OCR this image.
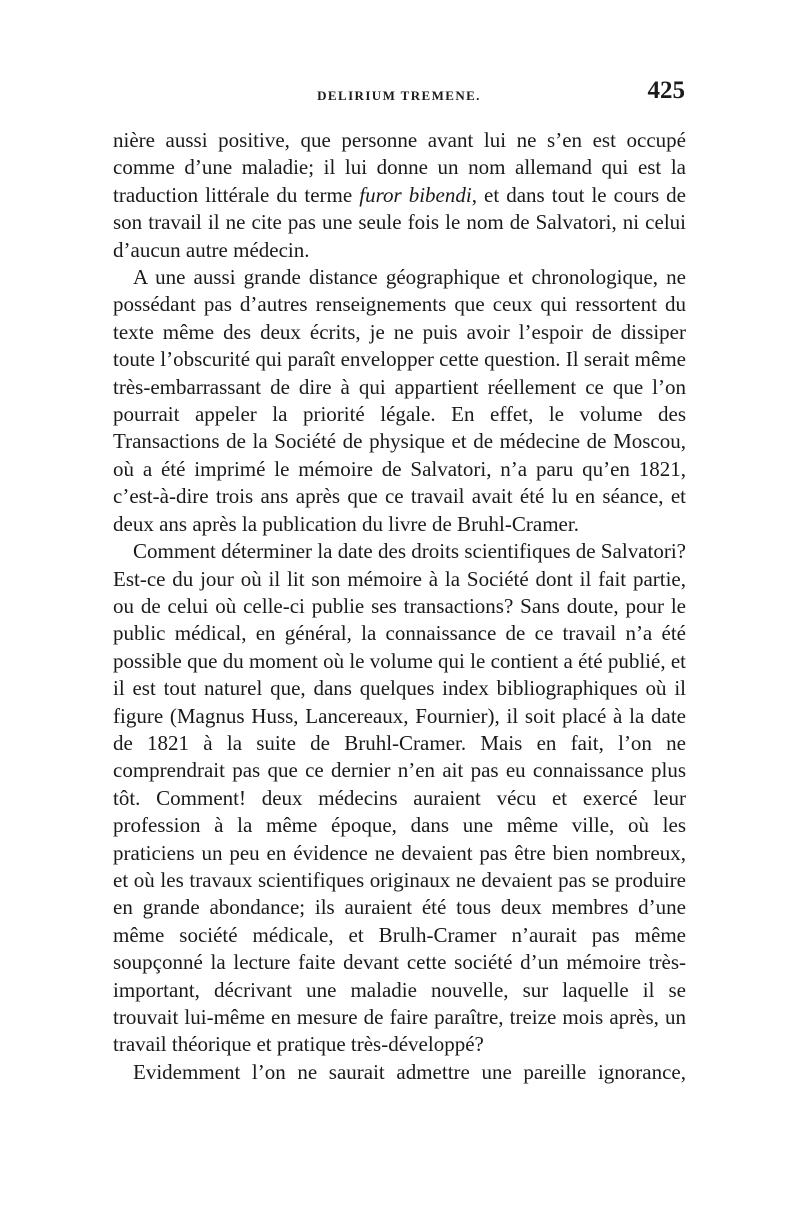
DELIRIUM TREMENE.	425

nière aussi positive, que personne avant lui ne s’en est occupé comme d’une maladie; il lui donne un nom allemand qui est la traduction littérale du terme furor bibendi, et dans tout le cours de son travail il ne cite pas une seule fois le nom de Salvatori, ni celui d’aucun autre médecin.

A une aussi grande distance géographique et chronologique, ne possédant pas d’autres renseignements que ceux qui ressortent du texte même des deux écrits, je ne puis avoir l’espoir de dissiper toute l’obscurité qui paraît envelopper cette question. Il serait même très-embarrassant de dire à qui appartient réellement ce que l’on pourrait appeler la priorité légale. En effet, le volume des Transactions de la Société de physique et de médecine de Moscou, où a été imprimé le mémoire de Salvatori, n’a paru qu’en 1821, c’est-à-dire trois ans après que ce travail avait été lu en séance, et deux ans après la publication du livre de Bruhl-Cramer.

Comment déterminer la date des droits scientifiques de Salvatori? Est-ce du jour où il lit son mémoire à la Société dont il fait partie, ou de celui où celle-ci publie ses transactions? Sans doute, pour le public médical, en général, la connaissance de ce travail n’a été possible que du moment où le volume qui le contient a été publié, et il est tout naturel que, dans quelques index bibliographiques où il figure (Magnus Huss, Lancereaux, Fournier), il soit placé à la date de 1821 à la suite de Bruhl-Cramer. Mais en fait, l’on ne comprendrait pas que ce dernier n’en ait pas eu connaissance plus tôt. Comment! deux médecins auraient vécu et exercé leur profession à la même époque, dans une même ville, où les praticiens un peu en évidence ne devaient pas être bien nombreux, et où les travaux scientifiques originaux ne devaient pas se produire en grande abondance; ils auraient été tous deux membres d’une même société médicale, et Brulh-Cramer n’aurait pas même soupçonné la lecture faite devant cette société d’un mémoire très-important, décrivant une maladie nouvelle, sur laquelle il se trouvait lui-même en mesure de faire paraître, treize mois après, un travail théorique et pratique très-développé?

Evidemment l’on ne saurait admettre une pareille ignorance,
